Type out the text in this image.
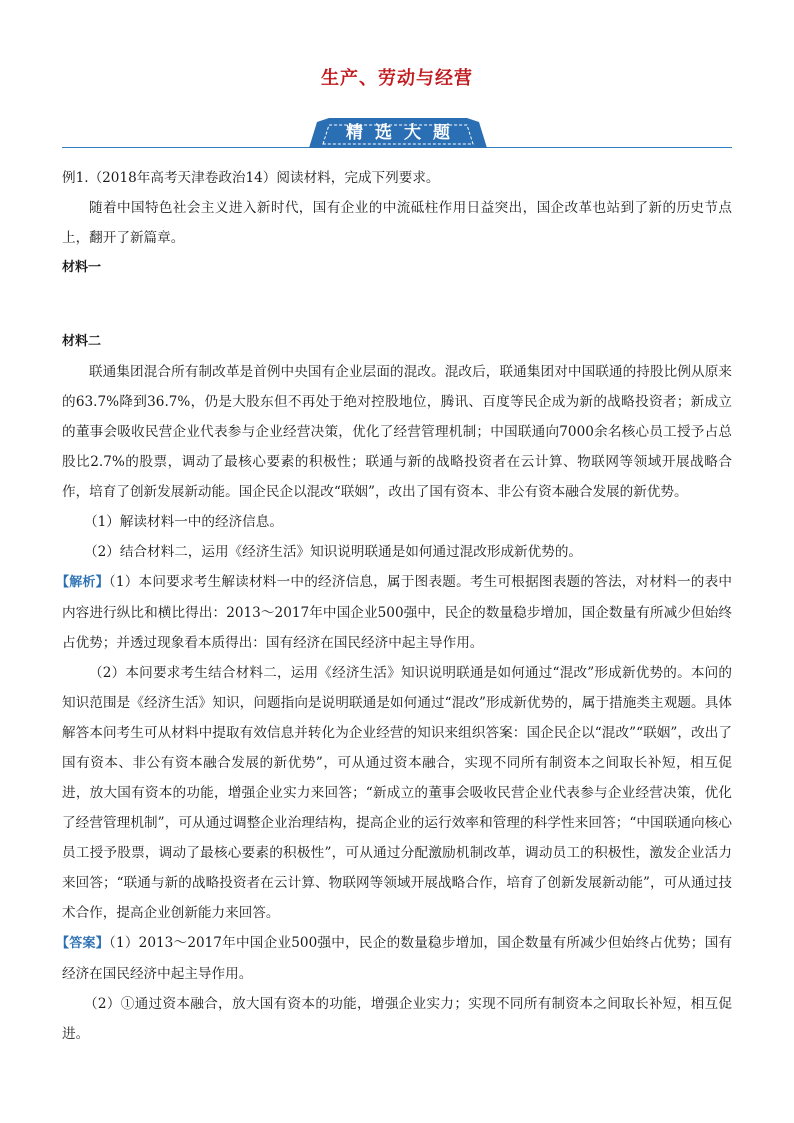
生产、劳动与经营
精选大题

例1.（2018年高考天津卷政治14）阅读材料，完成下列要求。

随着中国特色社会主义进入新时代，国有企业的中流砥柱作用日益突出，国企改革也站到了新的历史节点上，翻开了新篇章。

材料一

材料二

联通集团混合所有制改革是首例中央国有企业层面的混改。混改后，联通集团对中国联通的持股比例从原来的63.7%降到36.7%，仍是大股东但不再处于绝对控股地位，腾讯、百度等民企成为新的战略投资者；新成立的董事会吸收民营企业代表参与企业经营决策，优化了经营管理机制；中国联通向7000余名核心员工授予占总股比2.7%的股票，调动了最核心要素的积极性；联通与新的战略投资者在云计算、物联网等领域开展战略合作，培育了创新发展新动能。国企民企以混改“联姻”，改出了国有资本、非公有资本融合发展的新优势。

（1）解读材料一中的经济信息。

（2）结合材料二，运用《经济生活》知识说明联通是如何通过混改形成新优势的。

【解析】（1）本问要求考生解读材料一中的经济信息，属于图表题。考生可根据图表题的答法，对材料一的表中内容进行纵比和横比得出：2013～2017年中国企业500强中，民企的数量稳步增加，国企数量有所减少但始终占优势；并透过现象看本质得出：国有经济在国民经济中起主导作用。

（2）本问要求考生结合材料二，运用《经济生活》知识说明联通是如何通过“混改”形成新优势的。本问的知识范围是《经济生活》知识，问题指向是说明联通是如何通过“混改”形成新优势的，属于措施类主观题。具体解答本问考生可从材料中提取有效信息并转化为企业经营的知识来组织答案：国企民企以“混改”“联姻”，改出了国有资本、非公有资本融合发展的新优势”，可从通过资本融合，实现不同所有制资本之间取长补短，相互促进，放大国有资本的功能，增强企业实力来回答；“新成立的董事会吸收民营企业代表参与企业经营决策，优化了经营管理机制”，可从通过调整企业治理结构，提高企业的运行效率和管理的科学性来回答；“中国联通向核心员工授予股票，调动了最核心要素的积极性”，可从通过分配激励机制改革，调动员工的积极性，激发企业活力来回答；“联通与新的战略投资者在云计算、物联网等领域开展战略合作，培育了创新发展新动能”，可从通过技术合作，提高企业创新能力来回答。

【答案】（1）2013～2017年中国企业500强中，民企的数量稳步增加，国企数量有所减少但始终占优势；国有经济在国民经济中起主导作用。

（2）①通过资本融合，放大国有资本的功能，增强企业实力；实现不同所有制资本之间取长补短，相互促进。
